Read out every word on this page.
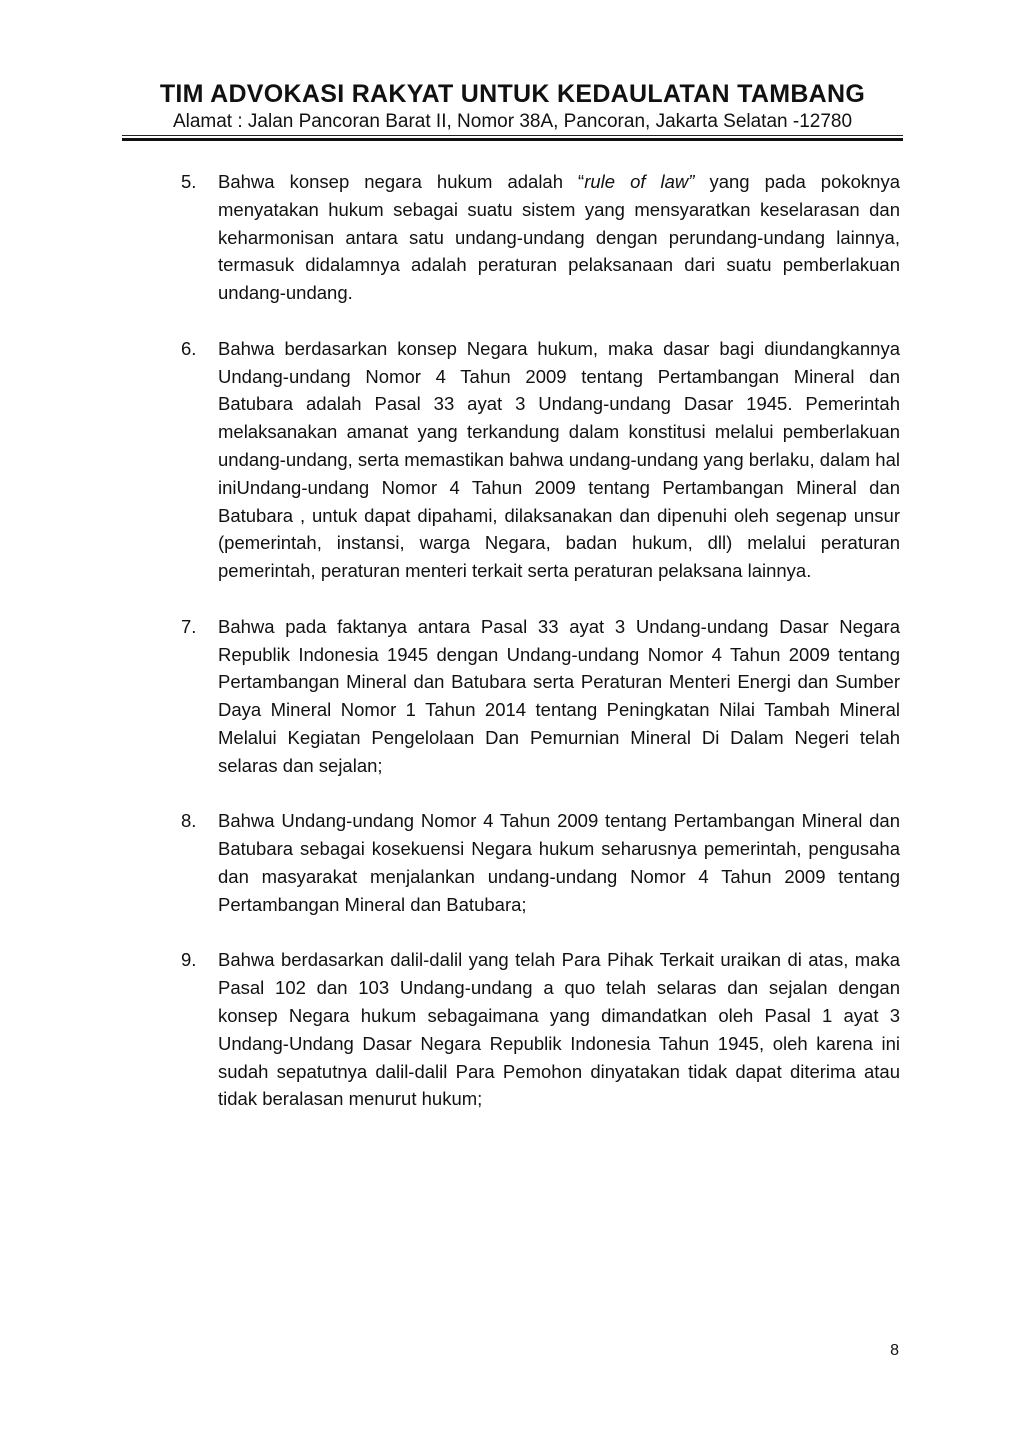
TIM ADVOKASI RAKYAT UNTUK KEDAULATAN TAMBANG

Alamat : Jalan Pancoran Barat II, Nomor 38A, Pancoran, Jakarta Selatan -12780

5. Bahwa konsep negara hukum adalah “rule of law” yang pada pokoknya menyatakan hukum sebagai suatu sistem yang mensyaratkan keselarasan dan keharmonisan antara satu undang-undang dengan perundang-undang lainnya, termasuk didalamnya adalah peraturan pelaksanaan dari suatu pemberlakuan undang-undang.

6. Bahwa berdasarkan konsep Negara hukum, maka dasar bagi diundangkannya Undang-undang Nomor 4 Tahun 2009 tentang Pertambangan Mineral dan Batubara adalah Pasal 33 ayat 3 Undang-undang Dasar 1945. Pemerintah melaksanakan amanat yang terkandung dalam konstitusi melalui pemberlakuan undang-undang, serta memastikan bahwa undang-undang yang berlaku, dalam hal iniUndang-undang Nomor 4 Tahun 2009 tentang Pertambangan Mineral dan Batubara , untuk dapat dipahami, dilaksanakan dan dipenuhi oleh segenap unsur (pemerintah, instansi, warga Negara, badan hukum, dll) melalui peraturan pemerintah, peraturan menteri terkait serta peraturan pelaksana lainnya.

7. Bahwa pada faktanya antara Pasal 33 ayat 3 Undang-undang Dasar Negara Republik Indonesia 1945 dengan Undang-undang Nomor 4 Tahun 2009 tentang Pertambangan Mineral dan Batubara serta Peraturan Menteri Energi dan Sumber Daya Mineral Nomor 1 Tahun 2014 tentang Peningkatan Nilai Tambah Mineral Melalui Kegiatan Pengelolaan Dan Pemurnian Mineral Di Dalam Negeri telah selaras dan sejalan;

8. Bahwa Undang-undang Nomor 4 Tahun 2009 tentang Pertambangan Mineral dan Batubara sebagai kosekuensi Negara hukum seharusnya pemerintah, pengusaha dan masyarakat menjalankan undang-undang Nomor 4 Tahun 2009 tentang Pertambangan Mineral dan Batubara;

9. Bahwa berdasarkan dalil-dalil yang telah Para Pihak Terkait uraikan di atas, maka Pasal 102 dan 103 Undang-undang a quo telah selaras dan sejalan dengan konsep Negara hukum sebagaimana yang dimandatkan oleh Pasal 1 ayat 3 Undang-Undang Dasar Negara Republik Indonesia Tahun 1945, oleh karena ini sudah sepatutnya dalil-dalil Para Pemohon dinyatakan tidak dapat diterima atau tidak beralasan menurut hukum;

8
